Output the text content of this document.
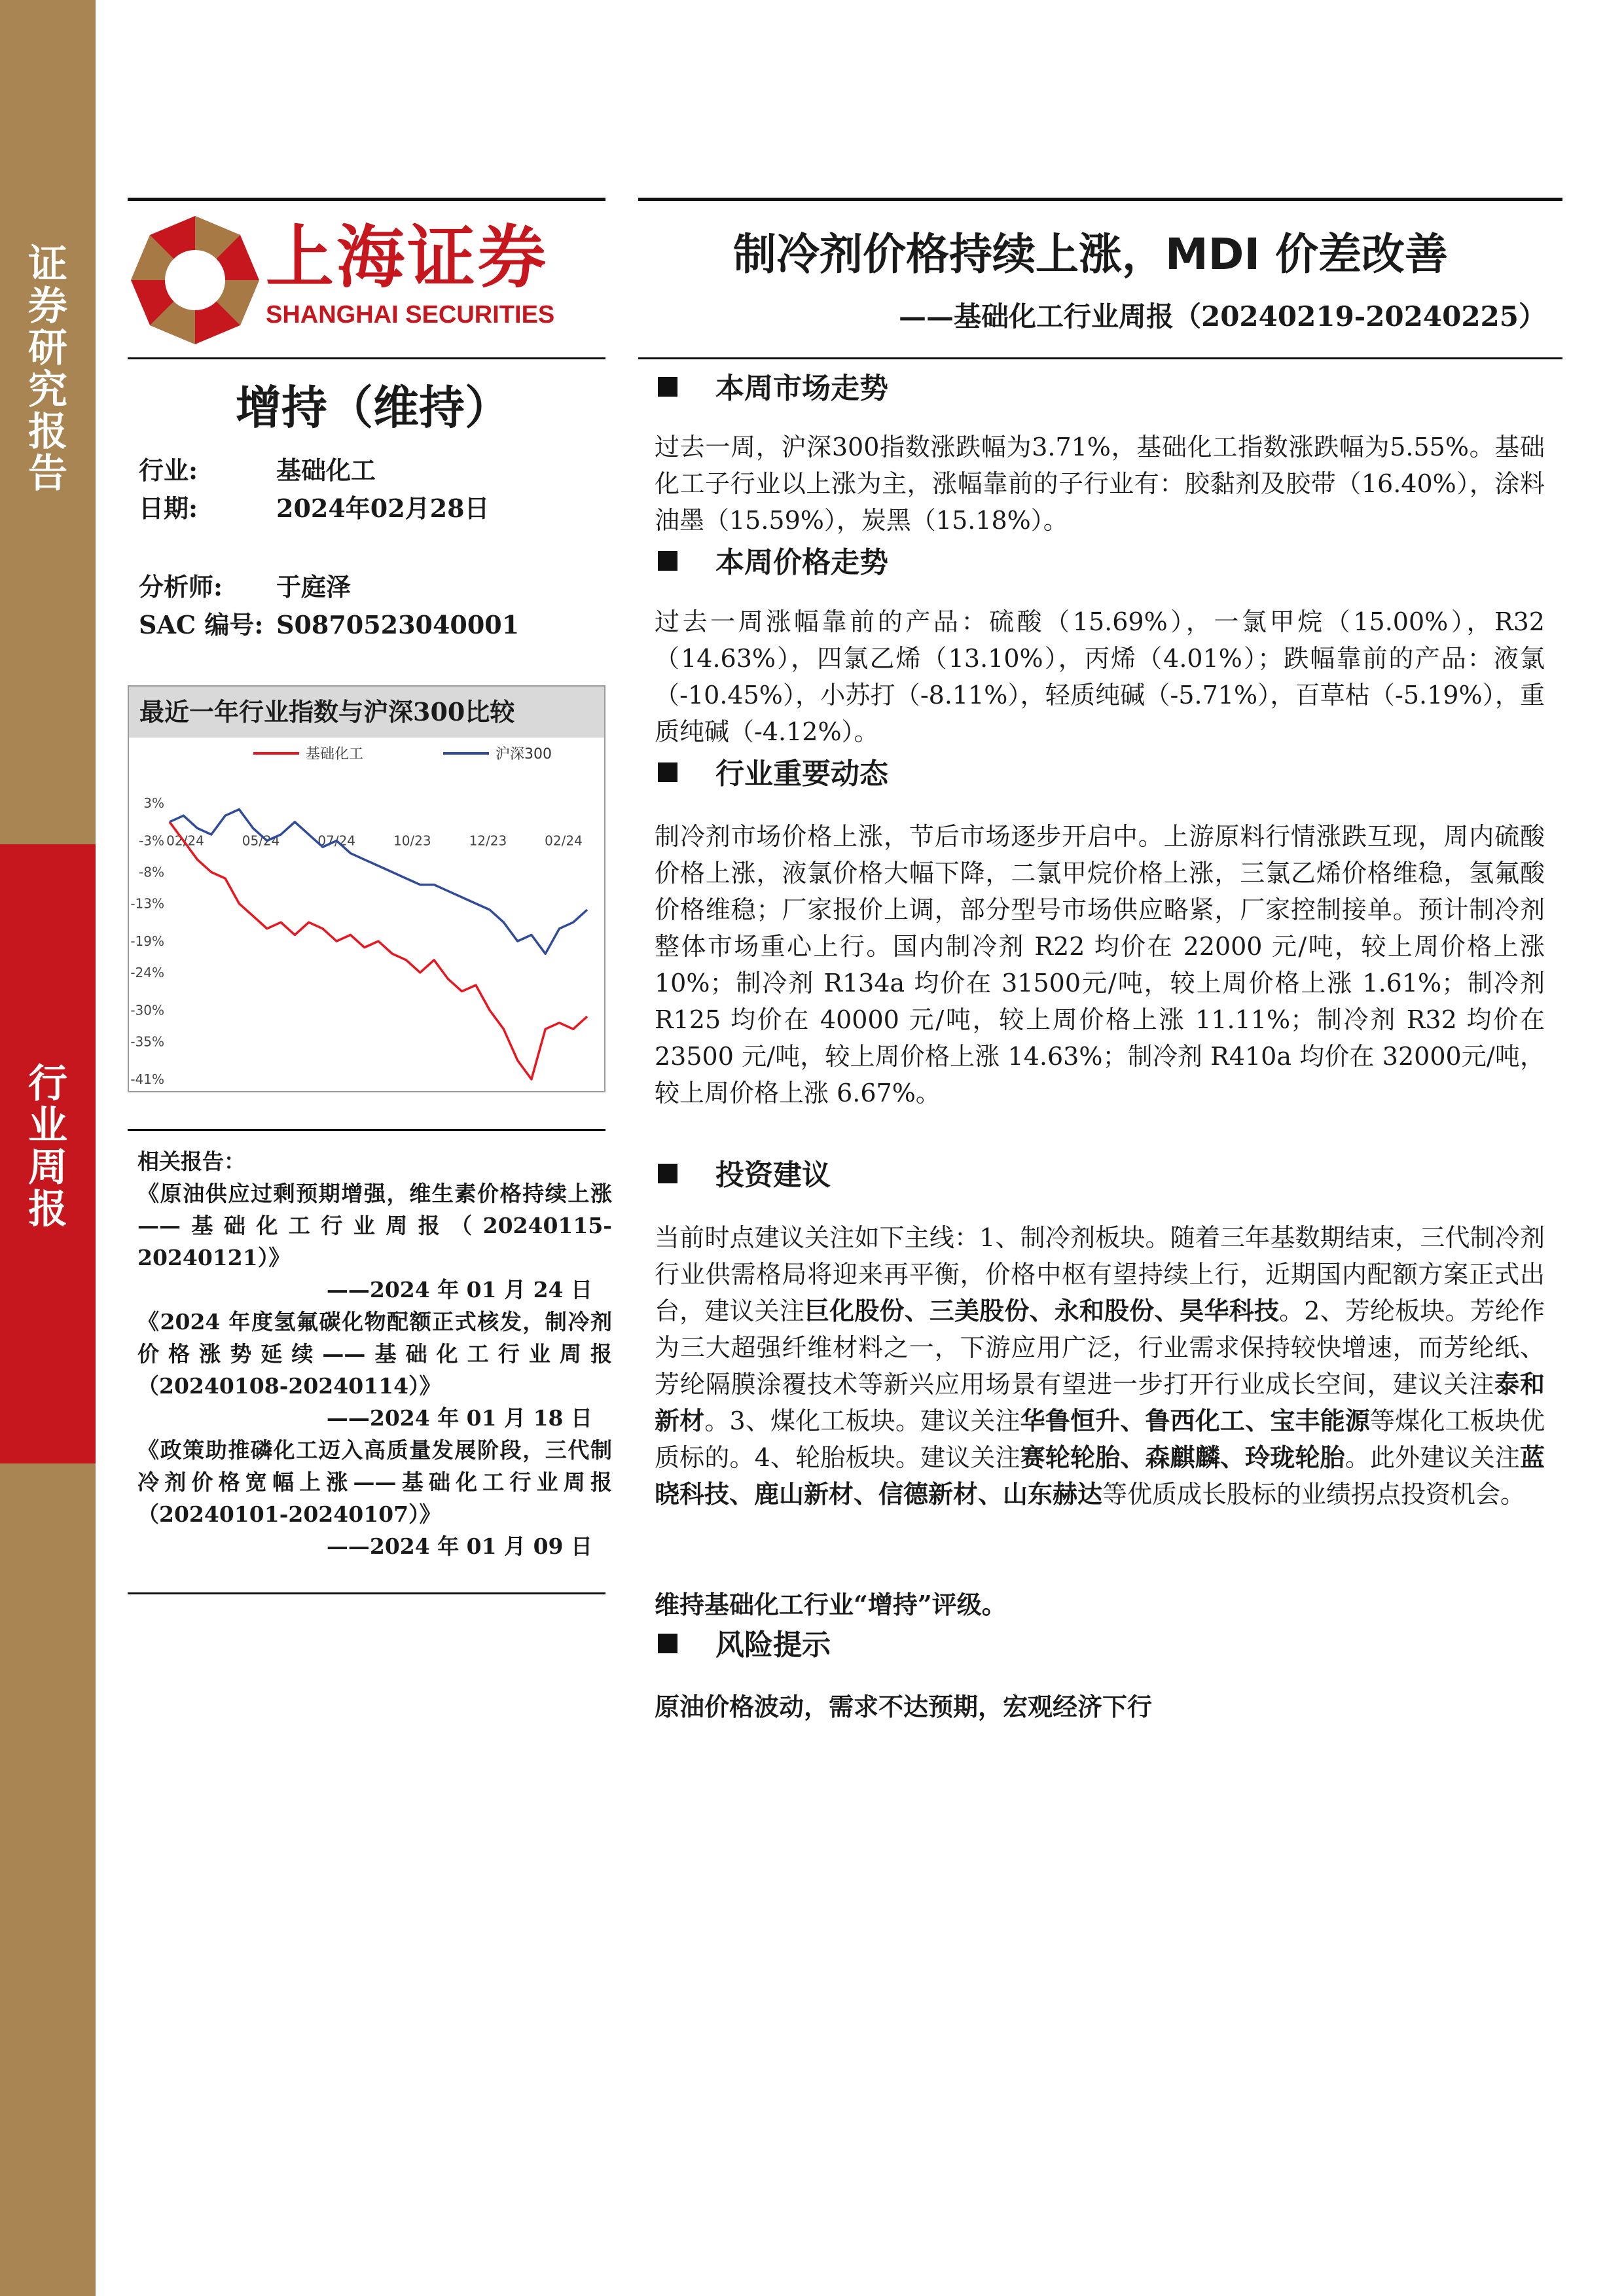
证
券
研
究
报
告
行
业
周
报
上海证券
SHANGHAI SECURITIES
增持（维持）
行业:	基础化工
日期:	2024年02月28日
分析师: 于庭泽
SAC 编号: S0870523040001
最近一年行业指数与沪深300比较
基础化工	沪深300
3%
-3%
-8%
-13%
-19%
-24%
-30%
-35%
-41%
02/24	05/24	07/24	10/23	12/23	02/24

相关报告：

《原油供应过剩预期增强，维生素价格持续上涨——基础化工行业周报（20240115-20240121）》

——2024 年 01 月 24 日

《2024 年度氢氟碳化物配额正式核发，制冷剂价格涨势延续——基础化工行业周报（20240108-20240114）》

——2024 年 01 月 18 日

《政策助推磷化工迈入高质量发展阶段，三代制冷剂价格宽幅上涨——基础化工行业周报（20240101-20240107）》

——2024 年 01 月 09 日

制冷剂价格持续上涨，MDI 价差改善
——基础化工行业周报（20240219-20240225）
本周市场走势

过去一周，沪深300指数涨跌幅为3.71%，基础化工指数涨跌幅为5.55%。基础化工子行业以上涨为主，涨幅靠前的子行业有：胶黏剂及胶带（16.40%），涂料油墨（15.59%），炭黑（15.18%）。

本周价格走势

过去一周涨幅靠前的产品：硫酸（15.69%），一氯甲烷（15.00%），R32（14.63%），四氯乙烯（13.10%），丙烯（4.01%）；跌幅靠前的产品：液氯（-10.45%），小苏打（-8.11%），轻质纯碱（-5.71%），百草枯（-5.19%），重质纯碱（-4.12%）。

行业重要动态

制冷剂市场价格上涨，节后市场逐步开启中。上游原料行情涨跌互现，周内硫酸价格上涨，液氯价格大幅下降，二氯甲烷价格上涨，三氯乙烯价格维稳，氢氟酸价格维稳；厂家报价上调，部分型号市场供应略紧，厂家控制接单。预计制冷剂整体市场重心上行。国内制冷剂 R22 均价在 22000 元/吨，较上周价格上涨 10%；制冷剂 R134a 均价在 31500元/吨，较上周价格上涨 1.61%；制冷剂 R125 均价在 40000 元/吨，较上周价格上涨 11.11%；制冷剂 R32 均价在 23500 元/吨，较上周价格上涨 14.63%；制冷剂 R410a 均价在 32000元/吨，较上周价格上涨 6.67%。

投资建议

当前时点建议关注如下主线：1、制冷剂板块。随着三年基数期结束，三代制冷剂行业供需格局将迎来再平衡，价格中枢有望持续上行，近期国内配额方案正式出台，建议关注巨化股份、三美股份、永和股份、昊华科技。2、芳纶板块。芳纶作为三大超强纤维材料之一，下游应用广泛，行业需求保持较快增速，而芳纶纸、芳纶隔膜涂覆技术等新兴应用场景有望进一步打开行业成长空间，建议关注泰和新材。3、煤化工板块。建议关注华鲁恒升、鲁西化工、宝丰能源等煤化工板块优质标的。4、轮胎板块。建议关注赛轮轮胎、森麒麟、玲珑轮胎。此外建议关注蓝晓科技、鹿山新材、信德新材、山东赫达等优质成长股标的业绩拐点投资机会。

维持基础化工行业“增持”评级。

风险提示

原油价格波动，需求不达预期，宏观经济下行
